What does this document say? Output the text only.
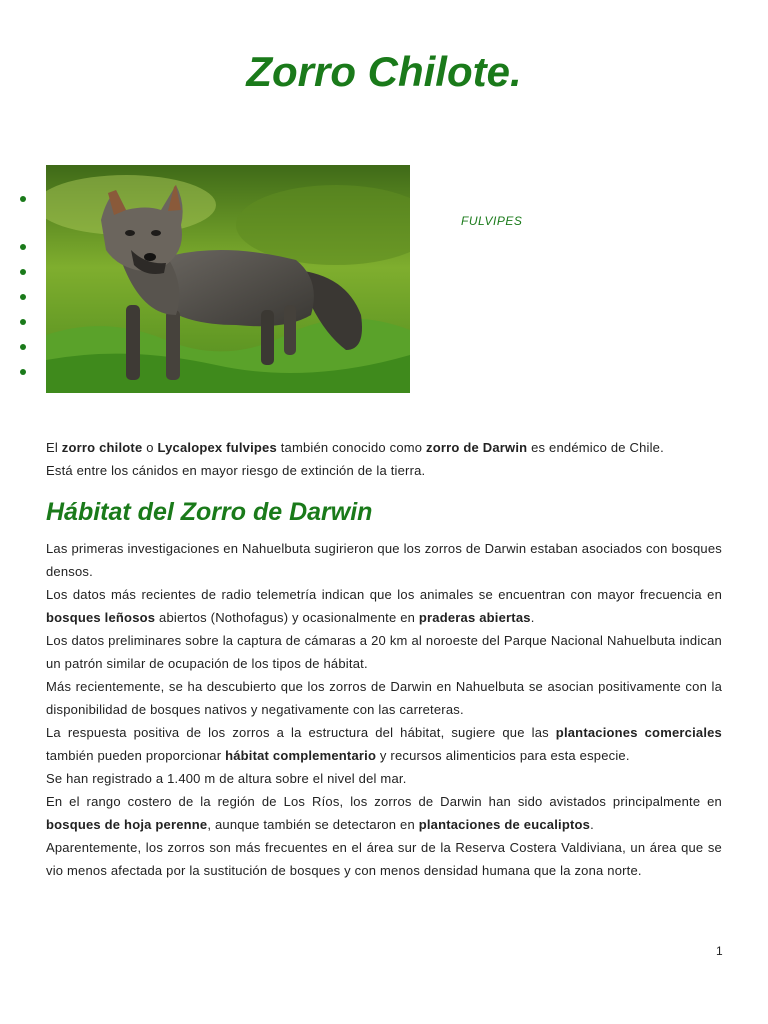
Zorro Chilote.
FULVIPES

El zorro chilote o Lycalopex fulvipes también conocido como zorro de Darwin es endémico de Chile.

Está entre los cánidos en mayor riesgo de extinción de la tierra.

Hábitat del Zorro de Darwin

Las primeras investigaciones en Nahuelbuta sugirieron que los zorros de Darwin estaban asociados con bosques densos.

Los datos más recientes de radio telemetría indican que los animales se encuentran con mayor frecuencia en bosques leñosos abiertos (Nothofagus) y ocasionalmente en praderas abiertas.

Los datos preliminares sobre la captura de cámaras a 20 km al noroeste del Parque Nacional Nahuelbuta indican un patrón similar de ocupación de los tipos de hábitat.

Más recientemente, se ha descubierto que los zorros de Darwin en Nahuelbuta se asocian positivamente con la disponibilidad de bosques nativos y negativamente con las carreteras.

La respuesta positiva de los zorros a la estructura del hábitat, sugiere que las plantaciones comerciales también pueden proporcionar hábitat complementario y recursos alimenticios para esta especie.

Se han registrado a 1.400 m de altura sobre el nivel del mar.

En el rango costero de la región de Los Ríos, los zorros de Darwin han sido avistados principalmente en bosques de hoja perenne, aunque también se detectaron en plantaciones de eucaliptos.

Aparentemente, los zorros son más frecuentes en el área sur de la Reserva Costera Valdiviana, un área que se vio menos afectada por la sustitución de bosques y con menos densidad humana que la zona norte.

1
